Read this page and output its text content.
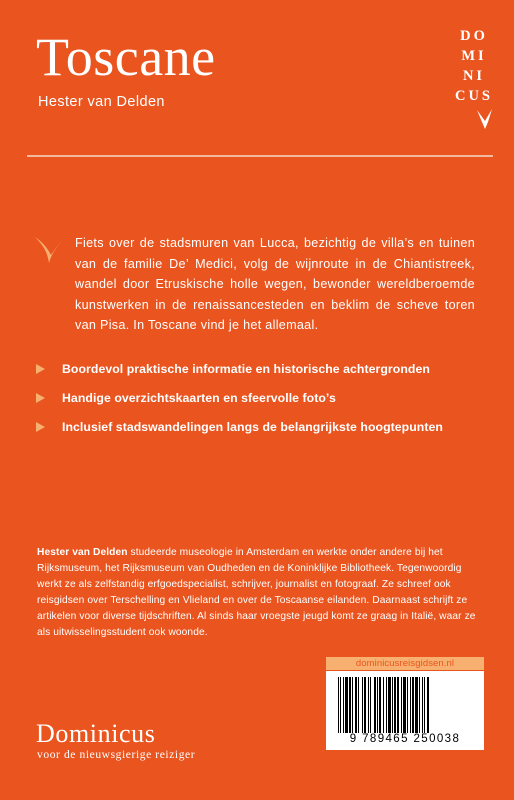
Toscane
Hester van Delden
DO
MI
NI
CUS

Fiets over de stadsmuren van Lucca, bezichtig de villa’s en tuinen van de familie De’ Medici, volg de wijnroute in de Chiantistreek, wandel door Etruskische holle wegen, bewonder wereldberoemde kunstwerken in de renaissancesteden en beklim de scheve toren van Pisa. In Toscane vind je het allemaal.

Boordevol praktische informatie en historische achtergronden
Handige overzichtskaarten en sfeervolle foto’s
Inclusief stadswandelingen langs de belangrijkste hoogtepunten

Hester van Delden studeerde museologie in Amsterdam en werkte onder andere bij het Rijksmuseum, het Rijksmuseum van Oudheden en de Koninklijke Bibliotheek. Tegenwoordig werkt ze als zelfstandig erfgoedspecialist, schrijver, journalist en fotograaf. Ze schreef ook reisgidsen over Terschelling en Vlieland en over de Toscaanse eilanden. Daarnaast schrijft ze artikelen voor diverse tijdschriften. Al sinds haar vroegste jeugd komt ze graag in Italië, waar ze als uitwisselingsstudent ook woonde.

dominicusreisgidsen.nl
9 789465 250038
Dominicus
voor de nieuwsgierige reiziger
